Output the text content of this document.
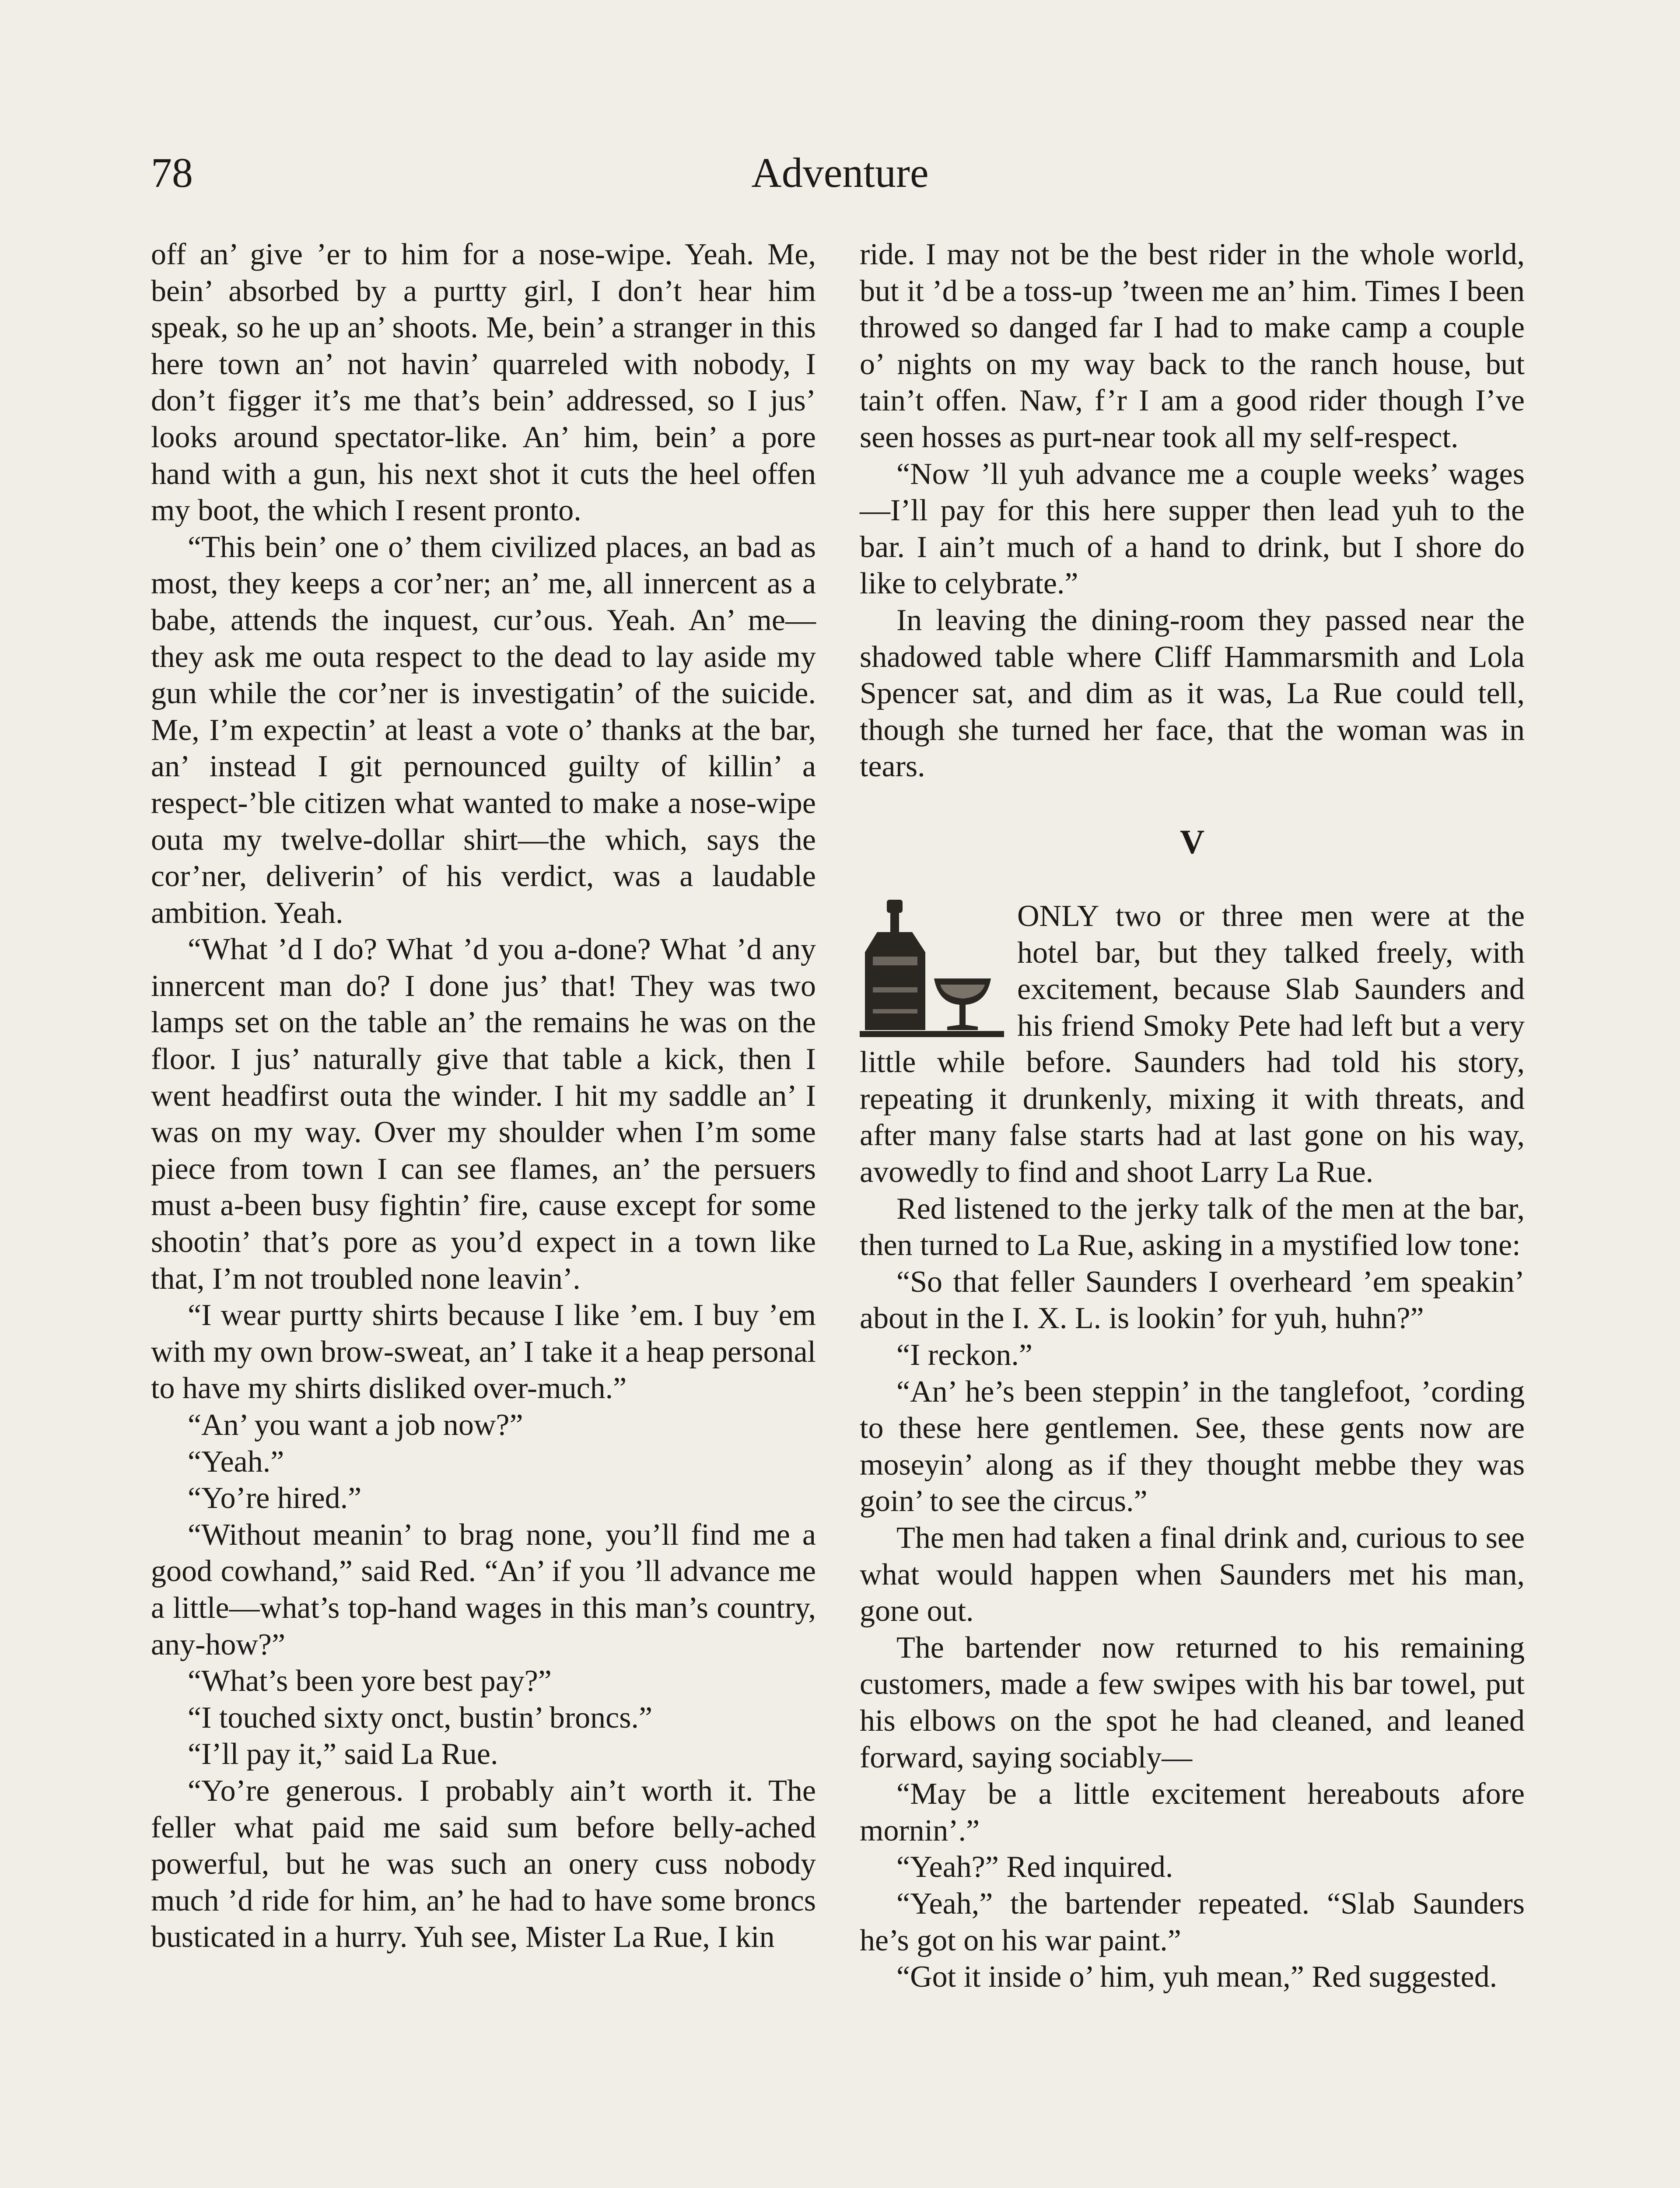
78	Adventure

off an’ give ’er to him for a nose-wipe. Yeah. Me, bein’ absorbed by a purtty girl, I don’t hear him speak, so he up an’ shoots. Me, bein’ a stranger in this here town an’ not havin’ quarreled with nobody, I don’t figger it’s me that’s bein’ addressed, so I jus’ looks around spectator-like. An’ him, bein’ a pore hand with a gun, his next shot it cuts the heel offen my boot, the which I resent pronto.

“This bein’ one o’ them civilized places, an bad as most, they keeps a cor’ner; an’ me, all innercent as a babe, attends the inquest, cur’ous. Yeah. An’ me—they ask me outa respect to the dead to lay aside my gun while the cor’ner is investigatin’ of the suicide. Me, I’m expectin’ at least a vote o’ thanks at the bar, an’ instead I git pernounced guilty of killin’ a respect-’ble citizen what wanted to make a nose-wipe outa my twelve-dollar shirt—the which, says the cor’ner, deliverin’ of his verdict, was a laudable ambition. Yeah.

“What ’d I do? What ’d you a-done? What ’d any innercent man do? I done jus’ that! They was two lamps set on the table an’ the remains he was on the floor. I jus’ naturally give that table a kick, then I went headfirst outa the winder. I hit my saddle an’ I was on my way. Over my shoulder when I’m some piece from town I can see flames, an’ the persuers must a-been busy fightin’ fire, cause except for some shootin’ that’s pore as you’d expect in a town like that, I’m not troubled none leavin’.

“I wear purtty shirts because I like ’em. I buy ’em with my own brow-sweat, an’ I take it a heap personal to have my shirts disliked over-much.”

“An’ you want a job now?”

“Yeah.”

“Yo’re hired.”

“Without meanin’ to brag none, you’ll find me a good cowhand,” said Red. “An’ if you ’ll advance me a little—what’s top-hand wages in this man’s country, any-how?”

“What’s been yore best pay?”

“I touched sixty onct, bustin’ broncs.”

“I’ll pay it,” said La Rue.

“Yo’re generous. I probably ain’t worth it. The feller what paid me said sum before belly-ached powerful, but he was such an onery cuss nobody much ’d ride for him, an’ he had to have some broncs busticated in a hurry. Yuh see, Mister La Rue, I kin

ride. I may not be the best rider in the whole world, but it ’d be a toss-up ’tween me an’ him. Times I been throwed so danged far I had to make camp a couple o’ nights on my way back to the ranch house, but tain’t offen. Naw, f’r I am a good rider though I’ve seen hosses as purt-near took all my self-respect.

“Now ’ll yuh advance me a couple weeks’ wages—I’ll pay for this here supper then lead yuh to the bar. I ain’t much of a hand to drink, but I shore do like to celybrate.”

In leaving the dining-room they passed near the shadowed table where Cliff Hammarsmith and Lola Spencer sat, and dim as it was, La Rue could tell, though she turned her face, that the woman was in tears.

V

ONLY two or three men were at the hotel bar, but they talked freely, with excitement, because Slab Saunders and his friend Smoky Pete had left but a very little while before. Saunders had told his story, repeating it drunkenly, mixing it with threats, and after many false starts had at last gone on his way, avowedly to find and shoot Larry La Rue.

Red listened to the jerky talk of the men at the bar, then turned to La Rue, asking in a mystified low tone:

“So that feller Saunders I overheard ’em speakin’ about in the I. X. L. is lookin’ for yuh, huhn?”

“I reckon.”

“An’ he’s been steppin’ in the tanglefoot, ’cording to these here gentlemen. See, these gents now are moseyin’ along as if they thought mebbe they was goin’ to see the circus.”

The men had taken a final drink and, curious to see what would happen when Saunders met his man, gone out.

The bartender now returned to his remaining customers, made a few swipes with his bar towel, put his elbows on the spot he had cleaned, and leaned forward, saying sociably—

“May be a little excitement hereabouts afore mornin’.”

“Yeah?” Red inquired.

“Yeah,” the bartender repeated. “Slab Saunders he’s got on his war paint.”

“Got it inside o’ him, yuh mean,” Red suggested.
